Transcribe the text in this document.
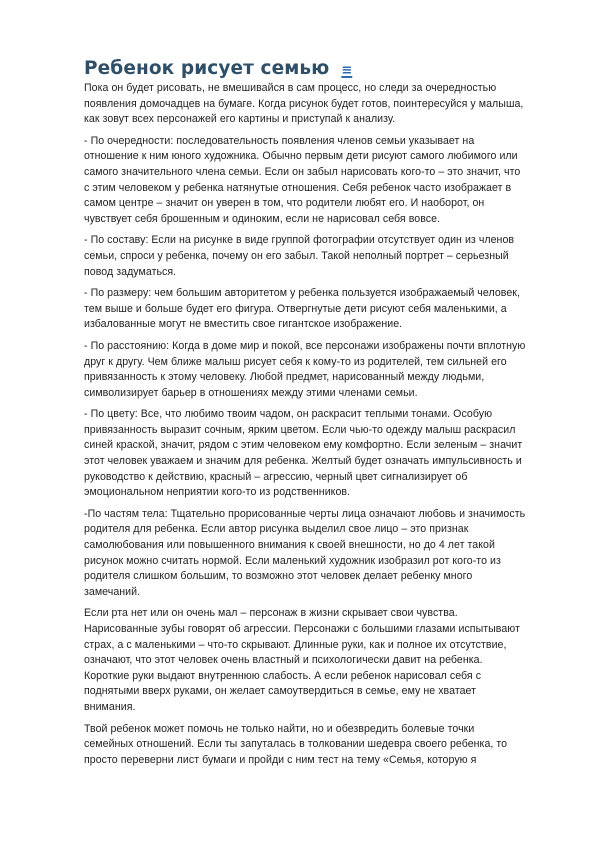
Ребенок рисует семью ≡

Пока он будет рисовать, не вмешивайся в сам процесс, но следи за очередностью появления домочадцев на бумаге. Когда рисунок будет готов, поинтересуйся у малыша, как зовут всех персонажей его картины и приступай к анализу.

- По очередности: последовательность появления членов семьи указывает на отношение к ним юного художника. Обычно первым дети рисуют самого любимого или самого значительного члена семьи. Если он забыл нарисовать кого-то – это значит, что с этим человеком у ребенка натянутые отношения. Себя ребенок часто изображает в самом центре – значит он уверен в том, что родители любят его. И наоборот, он чувствует себя брошенным и одиноким, если не нарисовал себя вовсе.

- По составу: Если на рисунке в виде группой фотографии отсутствует один из членов семьи, спроси у ребенка, почему он его забыл. Такой неполный портрет – серьезный повод задуматься.

- По размеру: чем большим авторитетом у ребенка пользуется изображаемый человек, тем выше и больше будет его фигура. Отвергнутые дети рисуют себя маленькими, а избалованные могут не вместить свое гигантское изображение.

- По расстоянию: Когда в доме мир и покой, все персонажи изображены почти вплотную друг к другу. Чем ближе малыш рисует себя к кому-то из родителей, тем сильней его привязанность к этому человеку. Любой предмет, нарисованный между людьми, символизирует барьер в отношениях между этими членами семьи.

- По цвету: Все, что любимо твоим чадом, он раскрасит теплыми тонами. Особую привязанность выразит сочным, ярким цветом. Если чью-то одежду малыш раскрасил синей краской, значит, рядом с этим человеком ему комфортно. Если зеленым – значит этот человек уважаем и значим для ребенка. Желтый будет означать импульсивность и руководство к действию, красный – агрессию, черный цвет сигнализирует об эмоциональном неприятии кого-то из родственников.

-По частям тела: Тщательно прорисованные черты лица означают любовь и значимость родителя для ребенка. Если автор рисунка выделил свое лицо – это признак самолюбования или повышенного внимания к своей внешности, но до 4 лет такой рисунок можно считать нормой. Если маленький художник изобразил рот кого-то из родителя слишком большим, то возможно этот человек делает ребенку много замечаний.

Если рта нет или он очень мал – персонаж в жизни скрывает свои чувства. Нарисованные зубы говорят об агрессии. Персонажи с большими глазами испытывают страх, а с маленькими – что-то скрывают. Длинные руки, как и полное их отсутствие, означают, что этот человек очень властный и психологически давит на ребенка. Короткие руки выдают внутреннюю слабость. А если ребенок нарисовал себя с поднятыми вверх руками, он желает самоутвердиться в семье, ему не хватает внимания.

Твой ребенок может помочь не только найти, но и обезвредить болевые точки семейных отношений. Если ты запуталась в толковании шедевра своего ребенка, то просто переверни лист бумаги и пройди с ним тест на тему «Семья, которую я
